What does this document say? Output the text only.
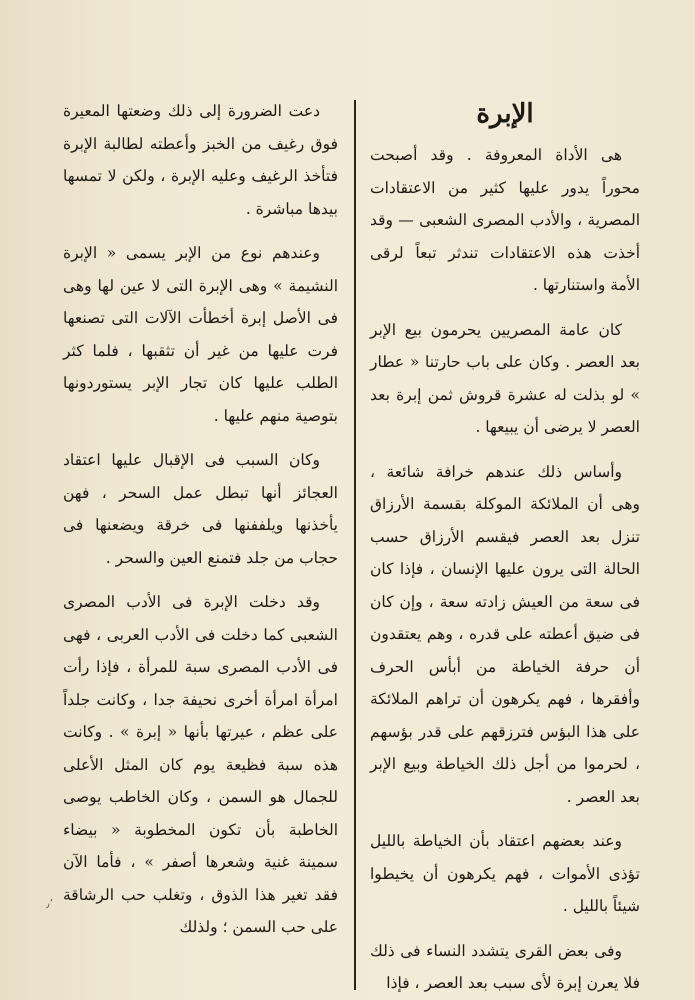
الإبرة

هى الأداة المعروفة . وقد أصبحت محوراً يدور عليها كثير من الاعتقادات المصرية ، والأدب المصرى الشعبى — وقد أخذت هذه الاعتقادات تندثر تبعاً لرقى الأمة واستنارتها .

كان عامة المصريين يحرمون بيع الإبر بعد العصر . وكان على باب حارتنا « عطار » لو بذلت له عشرة قروش ثمن إبرة بعد العصر لا يرضى أن يبيعها .

وأساس ذلك عندهم خرافة شائعة ، وهى أن الملائكة الموكلة بقسمة الأرزاق تنزل بعد العصر فيقسم الأرزاق حسب الحالة التى يرون عليها الإنسان ، فإذا كان فى سعة من العيش زادته سعة ، وإن كان فى ضيق أعطته على قدره ، وهم يعتقدون أن حرفة الخياطة من أبأس الحرف وأفقرها ، فهم يكرهون أن تراهم الملائكة على هذا البؤس فترزقهم على قدر بؤسهم ، لحرموا من أجل ذلك الخياطة وبيع الإبر بعد العصر .

وعند بعضهم اعتقاد بأن الخياطة بالليل تؤذى الأموات ، فهم يكرهون أن يخيطوا شيئاً بالليل .

وفى بعض القرى يتشدد النساء فى ذلك فلا يعرن إبرة لأى سبب بعد العصر ، فإذا

دعت الضرورة إلى ذلك وضعتها المعيرة فوق رغيف من الخبز وأعطته لطالبة الإبرة فتأخذ الرغيف وعليه الإبرة ، ولكن لا تمسها بيدها مباشرة .

وعندهم نوع من الإبر يسمى « الإبرة النشيمة » وهى الإبرة التى لا عين لها وهى فى الأصل إبرة أخطأت الآلات التى تصنعها فرت عليها من غير أن تثقبها ، فلما كثر الطلب عليها كان تجار الإبر يستوردونها بتوصية منهم عليها .

وكان السبب فى الإقبال عليها اعتقاد العجائز أنها تبطل عمل السحر ، فهن يأخذنها ويلففنها فى خرقة ويضعنها فى حجاب من جلد فتمنع العين والسحر .

وقد دخلت الإبرة فى الأدب المصرى الشعبى كما دخلت فى الأدب العربى ، فهى فى الأدب المصرى سبة للمرأة ، فإذا رأت امرأة امرأة أخرى نحيفة جدا ، وكانت جلداً على عظم ، عيرتها بأنها « إبرة » . وكانت هذه سبة فظيعة يوم كان المثل الأعلى للجمال هو السمن ، وكان الخاطب يوصى الخاطبة بأن تكون المخطوبة « بيضاء سمينة غنية وشعرها أصفر » ، فأما الآن فقد تغير هذا الذوق ، وتغلب حب الرشاقة على حب السمن ؛ ولذلك

٫٬
